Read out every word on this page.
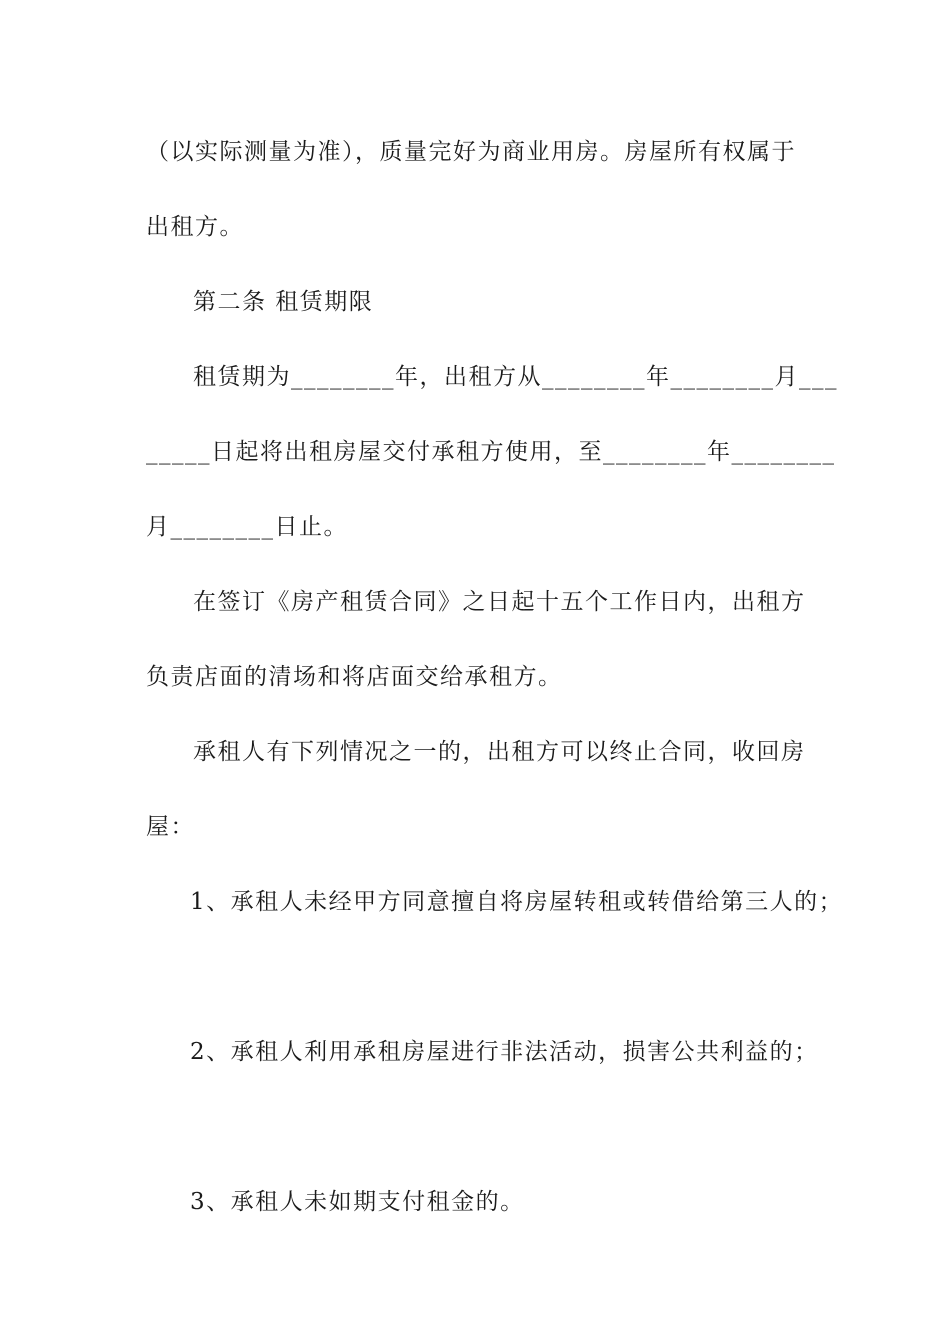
（以实际测量为准），质量完好为商业用房。房屋所有权属于

出租方。

第二条 租赁期限

租赁期为________年，出租方从________年________月___

_____日起将出租房屋交付承租方使用，至________年________

月________日止。

在签订《房产租赁合同》之日起十五个工作日内，出租方

负责店面的清场和将店面交给承租方。

承租人有下列情况之一的，出租方可以终止合同，收回房

屋：

1、承租人未经甲方同意擅自将房屋转租或转借给第三人的；

2、承租人利用承租房屋进行非法活动，损害公共利益的；

3、承租人未如期支付租金的。
